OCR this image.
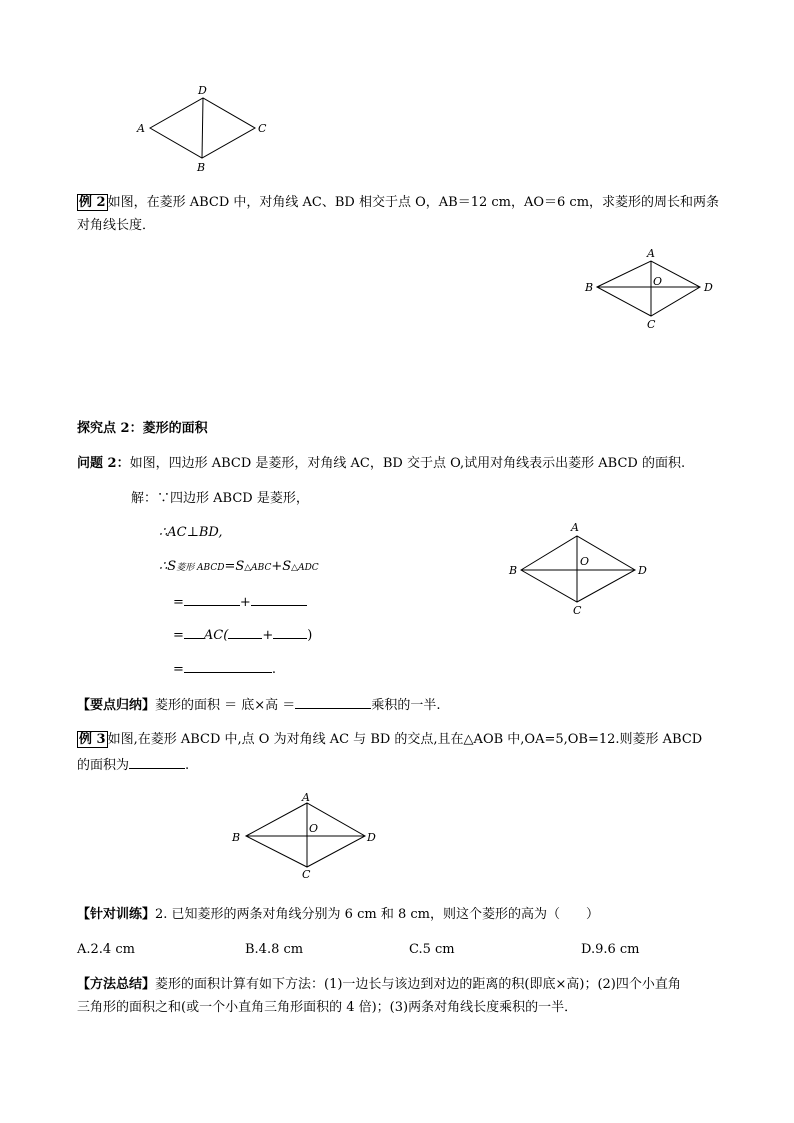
D
A	C
B
例 2 如图，在菱形 ABCD 中，对角线 AC、BD 相交于点 O，AB＝12 cm，AO＝6 cm，求菱形的周长和两条
对角线长度．
A
B	D
C
O
探究点 2：菱形的面积
问题 2：如图，四边形 ABCD 是菱形，对角线 AC，BD 交于点 O,试用对角线表示出菱形 ABCD 的面积.
解：∵四边形 ABCD 是菱形，
∴AC⊥BD,
∴S菱形 ABCD=S△ABC+S△ADC
=	+
= AC(	+	)
=	.
A
B	D
C
O
【要点归纳】菱形的面积 ＝ 底×高 ＝	乘积的一半.
例 3 如图,在菱形 ABCD 中,点 O 为对角线 AC 与 BD 的交点,且在△AOB 中,OA=5,OB=12.则菱形 ABCD
的面积为	.
A
B	D
C
O
【针对训练】2. 已知菱形的两条对角线分别为 6 cm 和 8 cm，则这个菱形的高为（　　）
A.2.4 cm	B.4.8 cm	C.5 cm	D.9.6 cm
【方法总结】菱形的面积计算有如下方法：(1)一边长与该边到对边的距离的积(即底×高)；(2)四个小直角
三角形的面积之和(或一个小直角三角形面积的 4 倍)；(3)两条对角线长度乘积的一半．
